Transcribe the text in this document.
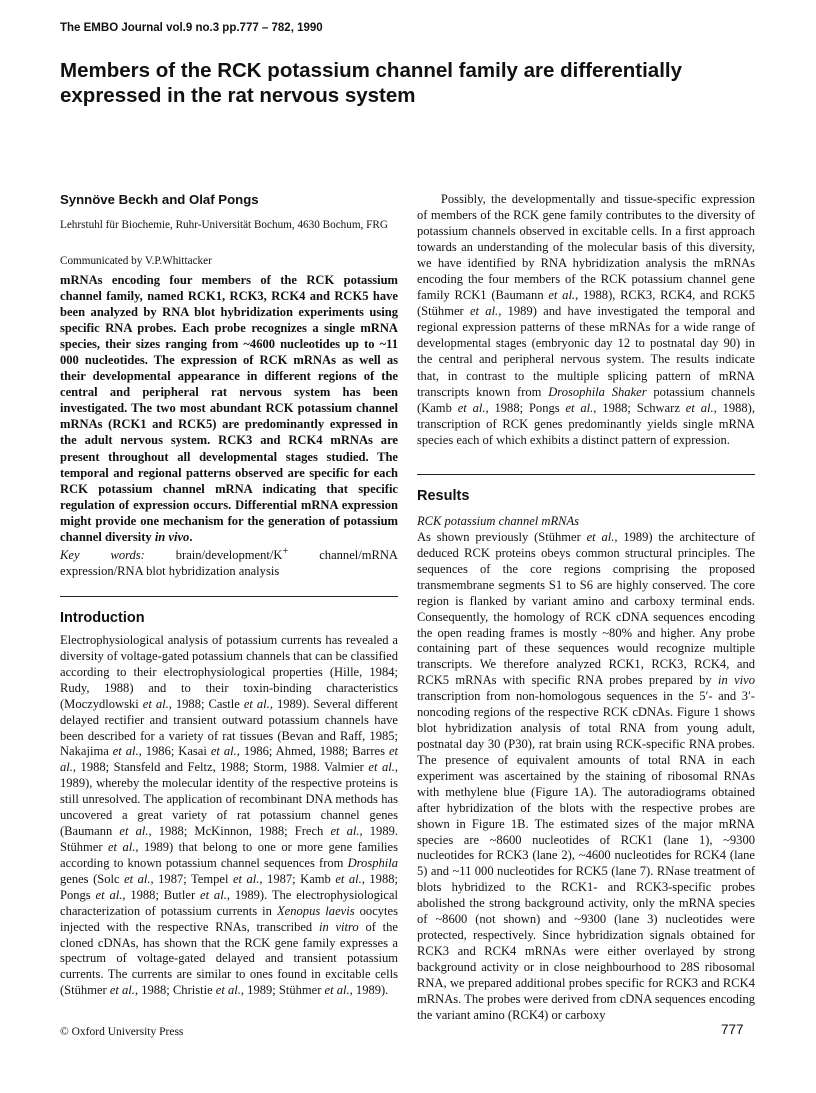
The EMBO Journal vol.9 no.3 pp.777 – 782, 1990
Members of the RCK potassium channel family are differentially expressed in the rat nervous system
Synnöve Beckh and Olaf Pongs
Lehrstuhl für Biochemie, Ruhr-Universität Bochum, 4630 Bochum, FRG
Communicated by V.P.Whittacker

mRNAs encoding four members of the RCK potassium channel family, named RCK1, RCK3, RCK4 and RCK5 have been analyzed by RNA blot hybridization experiments using specific RNA probes. Each probe recognizes a single mRNA species, their sizes ranging from ~4600 nucleotides up to ~11 000 nucleotides. The expression of RCK mRNAs as well as their developmental appearance in different regions of the central and peripheral rat nervous system has been investigated. The two most abundant RCK potassium channel mRNAs (RCK1 and RCK5) are predominantly expressed in the adult nervous system. RCK3 and RCK4 mRNAs are present throughout all developmental stages studied. The temporal and regional patterns observed are specific for each RCK potassium channel mRNA indicating that specific regulation of expression occurs. Differential mRNA expression might provide one mechanism for the generation of potassium channel diversity in vivo.

Key words: brain/development/K+ channel/mRNA expression/RNA blot hybridization analysis

Introduction

Electrophysiological analysis of potassium currents has revealed a diversity of voltage-gated potassium channels that can be classified according to their electrophysiological properties (Hille, 1984; Rudy, 1988) and to their toxin-binding characteristics (Moczydlowski et al., 1988; Castle et al., 1989). Several different delayed rectifier and transient outward potassium channels have been described for a variety of rat tissues (Bevan and Raff, 1985; Nakajima et al., 1986; Kasai et al., 1986; Ahmed, 1988; Barres et al., 1988; Stansfeld and Feltz, 1988; Storm, 1988. Valmier et al., 1989), whereby the molecular identity of the respective proteins is still unresolved. The application of recombinant DNA methods has uncovered a great variety of rat potassium channel genes (Baumann et al., 1988; McKinnon, 1988; Frech et al., 1989. Stühmer et al., 1989) that belong to one or more gene families according to known potassium channel sequences from Drosphila genes (Solc et al., 1987; Tempel et al., 1987; Kamb et al., 1988; Pongs et al., 1988; Butler et al., 1989). The electrophysiological characterization of potassium currents in Xenopus laevis oocytes injected with the respective RNAs, transcribed in vitro of the cloned cDNAs, has shown that the RCK gene family expresses a spectrum of voltage-gated delayed and transient potassium currents. The currents are similar to ones found in excitable cells (Stühmer et al., 1988; Christie et al., 1989; Stühmer et al., 1989).

Possibly, the developmentally and tissue-specific expression of members of the RCK gene family contributes to the diversity of potassium channels observed in excitable cells. In a first approach towards an understanding of the molecular basis of this diversity, we have identified by RNA hybridization analysis the mRNAs encoding the four members of the RCK potassium channel gene family RCK1 (Baumann et al., 1988), RCK3, RCK4, and RCK5 (Stühmer et al., 1989) and have investigated the temporal and regional expression patterns of these mRNAs for a wide range of developmental stages (embryonic day 12 to postnatal day 90) in the central and peripheral nervous system. The results indicate that, in contrast to the multiple splicing pattern of mRNA transcripts known from Drosophila Shaker potassium channels (Kamb et al., 1988; Pongs et al., 1988; Schwarz et al., 1988), transcription of RCK genes predominantly yields single mRNA species each of which exhibits a distinct pattern of expression.

Results
RCK potassium channel mRNAs

As shown previously (Stühmer et al., 1989) the architecture of deduced RCK proteins obeys common structural principles. The sequences of the core regions comprising the proposed transmembrane segments S1 to S6 are highly conserved. The core region is flanked by variant amino and carboxy terminal ends. Consequently, the homology of RCK cDNA sequences encoding the open reading frames is mostly ~80% and higher. Any probe containing part of these sequences would recognize multiple transcripts. We therefore analyzed RCK1, RCK3, RCK4, and RCK5 mRNAs with specific RNA probes prepared by in vivo transcription from non-homologous sequences in the 5′- and 3′-noncoding regions of the respective RCK cDNAs. Figure 1 shows blot hybridization analysis of total RNA from young adult, postnatal day 30 (P30), rat brain using RCK-specific RNA probes. The presence of equivalent amounts of total RNA in each experiment was ascertained by the staining of ribosomal RNAs with methylene blue (Figure 1A). The autoradiograms obtained after hybridization of the blots with the respective probes are shown in Figure 1B. The estimated sizes of the major mRNA species are ~8600 nucleotides of RCK1 (lane 1), ~9300 nucleotides for RCK3 (lane 2), ~4600 nucleotides for RCK4 (lane 5) and ~11 000 nucleotides for RCK5 (lane 7). RNase treatment of blots hybridized to the RCK1- and RCK3-specific probes abolished the strong background activity, only the mRNA species of ~8600 (not shown) and ~9300 (lane 3) nucleotides were protected, respectively. Since hybridization signals obtained for RCK3 and RCK4 mRNAs were either overlayed by strong background activity or in close neighbourhood to 28S ribosomal RNA, we prepared additional probes specific for RCK3 and RCK4 mRNAs. The probes were derived from cDNA sequences encoding the variant amino (RCK4) or carboxy

© Oxford University Press	777
